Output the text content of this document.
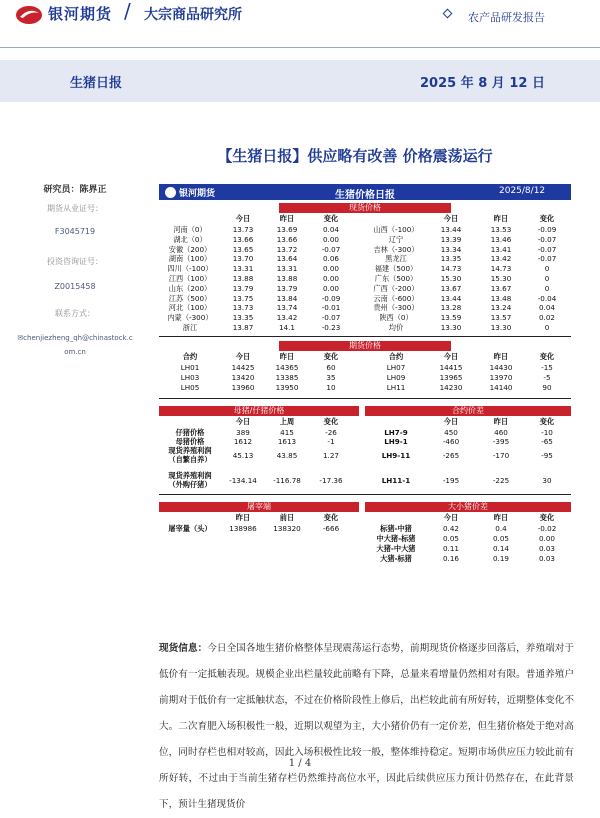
银河期货 / 大宗商品研究所	农产品研发报告
生猪日报	2025 年 8 月 12 日
【生猪日报】供应略有改善 价格震荡运行
研究员：陈界正
期货从业证号：
F3045719
投资咨询证号：
Z0015458
联系方式：
✉chenjiezheng_qh@chinastock.c
om.cn
银河期货	生猪价格日报	2025/8/12
现货价格
今日	今日
昨日	昨日
变化	变化
河南（0）	13.73	13.69	0.04
湖北（0）	13.66	13.66	0.00
安徽（200）	13.65	13.72	-0.07
湖南（100）	13.70	13.64	0.06
四川（-100）	13.31	13.31	0.00
江西（100）	13.88	13.88	0.00
山东（200）	13.79	13.79	0.00
江苏（500）	13.75	13.84	-0.09
河北（100）	13.73	13.74	-0.01
内蒙（-300）	13.35	13.42	-0.07
浙江	13.87	14.1	-0.23
山西（-100）	13.44	13.53	-0.09
辽宁	13.39	13.46	-0.07
吉林（-300）	13.34	13.41	-0.07
黑龙江	13.35	13.42	-0.07
福建（500）	14.73	14.73	0
广东（500）	15.30	15.30	0
广西（-200）	13.67	13.67	0
云南（-600）	13.44	13.48	-0.04
贵州（-300）	13.28	13.24	0.04
陕西（0）	13.59	13.57	0.02
均价	13.30	13.30	0
期货价格
合约	合约
今日	今日
昨日	昨日
变化	变化
LH01	14425	14365	60
LH03	13420	13385	35
LH05	13960	13950	10
LH07	14415	14430	-15
LH09	13965	13970	-5
LH11	14230	14140	90
母猪/仔猪价格	合约价差
今日	上周	变化	今日	昨日	变化
仔猪价格	389	415	-26
母猪价格	1612	1613	-1
现货养殖利润
（自繁自养）	45.13	43.85	1.27
现货养殖利润
（外购仔猪）	-134.14	-116.78	-17.36
LH7-9	450	460	-10
LH9-1	-460	-395	-65
LH9-11	-265	-170	-95
LH11-1	-195	-225	30
屠宰端	大小猪价差
昨日	前日	变化	今日	昨日	变化
屠宰量（头）	138986	138320	-666	标猪-中猪	0.42	0.4	-0.02
中大猪-标猪	0.05	0.05	0.00
大猪-中大猪	0.11	0.14	0.03
大猪-标猪	0.16	0.19	0.03
现货信息：今日全国各地生猪价格整体呈现震荡运行态势，前期现货价格逐步回落后，养殖端对于低价有一定抵触表现。规模企业出栏量较此前略有下降，总量来看增量仍然相对有限。普通养殖户前期对于低价有一定抵触状态，不过在价格阶段性上修后，出栏较此前有所好转，近期整体变化不大。二次育肥入场积极性一般，近期以观望为主，大小猪价仍有一定价差，但生猪价格处于绝对高位，同时存栏也相对较高，因此入场积极性比较一般，整体维持稳定。短期市场供应压力较此前有所好转，不过由于当前生猪存栏仍然维持高位水平，因此后续供应压力预计仍然存在，在此背景下，预计生猪现货价
1 / 4
